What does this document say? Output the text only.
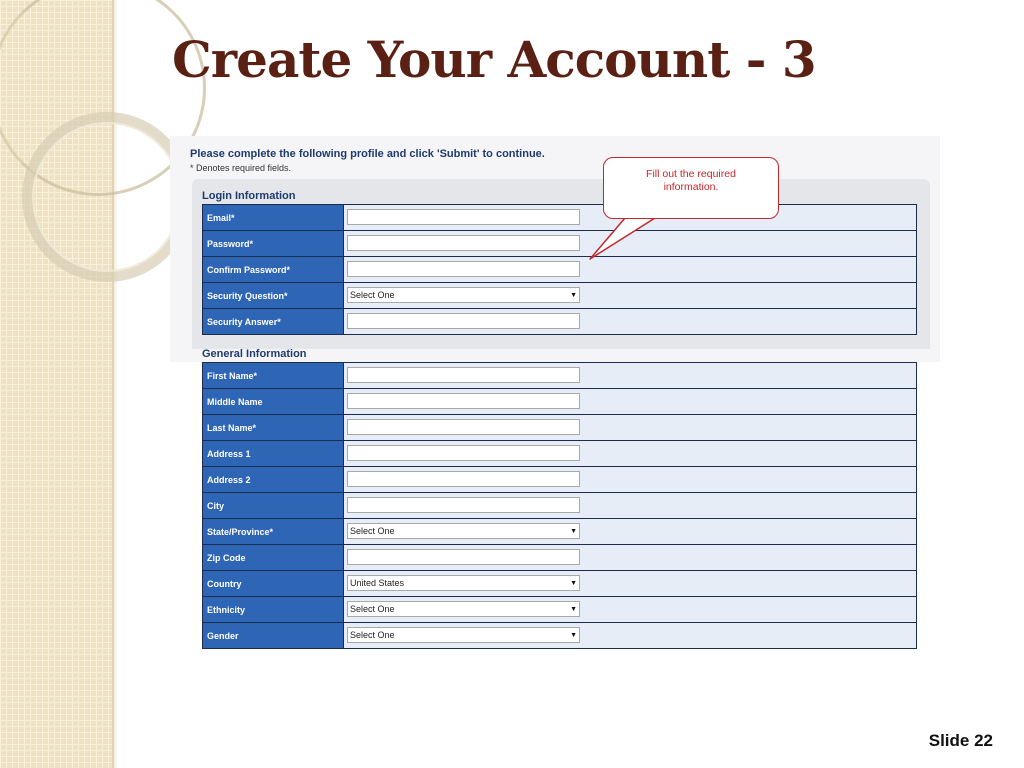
Create Your Account - 3
Please complete the following profile and click 'Submit' to continue.
* Denotes required fields.
Login Information
Email*	
Password*	
Confirm Password*	
Security Question*	Select One ▼

Security Answer*	
General Information
First Name*	
Middle Name	
Last Name*	
Address 1	
Address 2	
City	
State/Province*	Select One ▼

Zip Code	
Country	United States ▼

Ethnicity	Select One ▼

Gender	Select One ▼
Fill out the required information.
Slide 22
